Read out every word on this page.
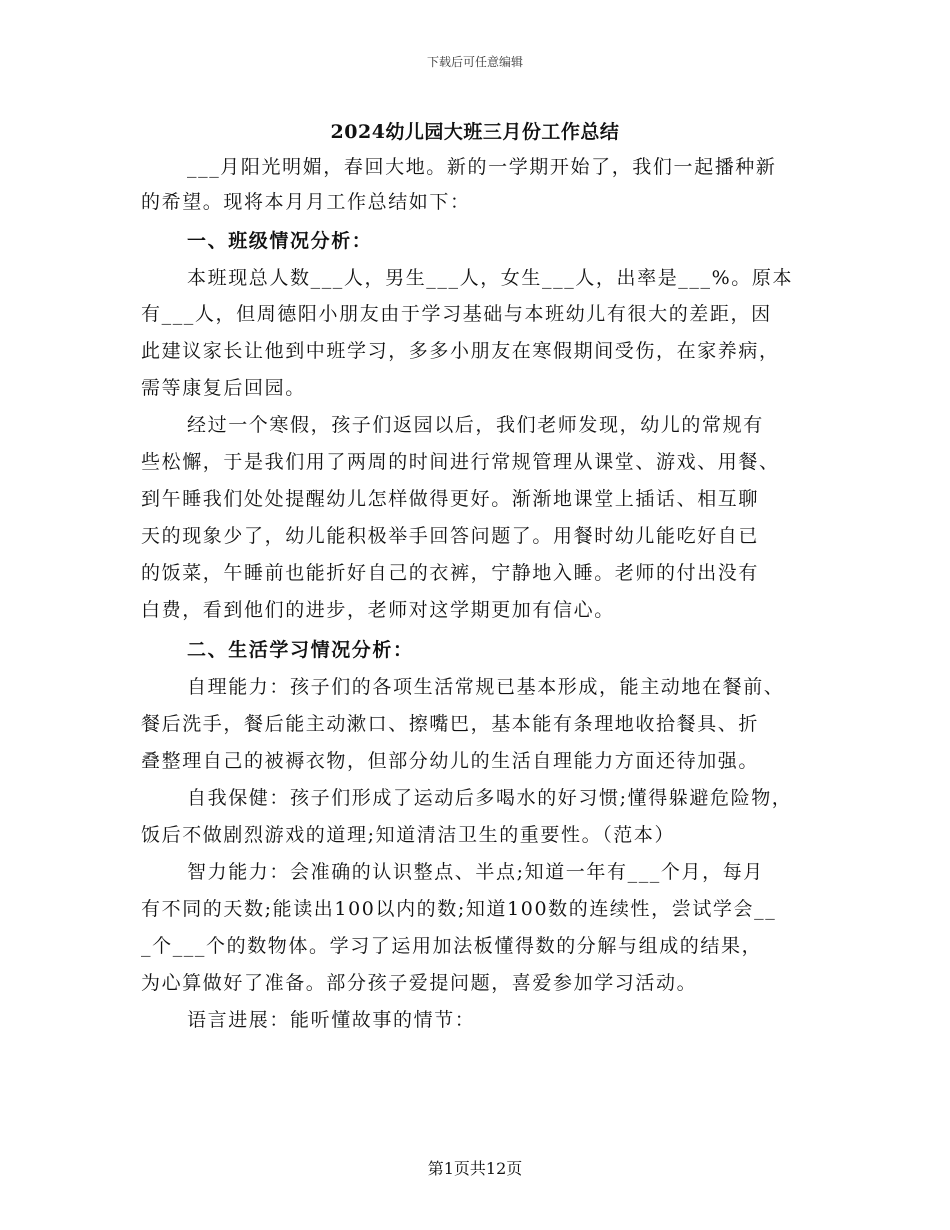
下载后可任意编辑
2024幼儿园大班三月份工作总结
___月阳光明媚，春回大地。新的一学期开始了，我们一起播种新
的希望。现将本月月工作总结如下：
一、班级情况分析：
本班现总人数___人，男生___人，女生___人，出率是___%。原本
有___人，但周德阳小朋友由于学习基础与本班幼儿有很大的差距，因
此建议家长让他到中班学习，多多小朋友在寒假期间受伤，在家养病，
需等康复后回园。
经过一个寒假，孩子们返园以后，我们老师发现，幼儿的常规有
些松懈，于是我们用了两周的时间进行常规管理从课堂、游戏、用餐、
到午睡我们处处提醒幼儿怎样做得更好。渐渐地课堂上插话、相互聊
天的现象少了，幼儿能积极举手回答问题了。用餐时幼儿能吃好自已
的饭菜，午睡前也能折好自己的衣裤，宁静地入睡。老师的付出没有
白费，看到他们的进步，老师对这学期更加有信心。
二、生活学习情况分析：
自理能力：孩子们的各项生活常规已基本形成，能主动地在餐前、
餐后洗手，餐后能主动漱口、擦嘴巴，基本能有条理地收拾餐具、折
叠整理自己的被褥衣物，但部分幼儿的生活自理能力方面还待加强。
自我保健：孩子们形成了运动后多喝水的好习惯;懂得躲避危险物，
饭后不做剧烈游戏的道理;知道清洁卫生的重要性。（范本）
智力能力：会准确的认识整点、半点;知道一年有___个月，每月
有不同的天数;能读出100以内的数;知道100数的连续性，尝试学会__
_个___个的数物体。学习了运用加法板懂得数的分解与组成的结果，
为心算做好了准备。部分孩子爱提问题，喜爱参加学习活动。
语言进展：能听懂故事的情节：
第1页共12页
